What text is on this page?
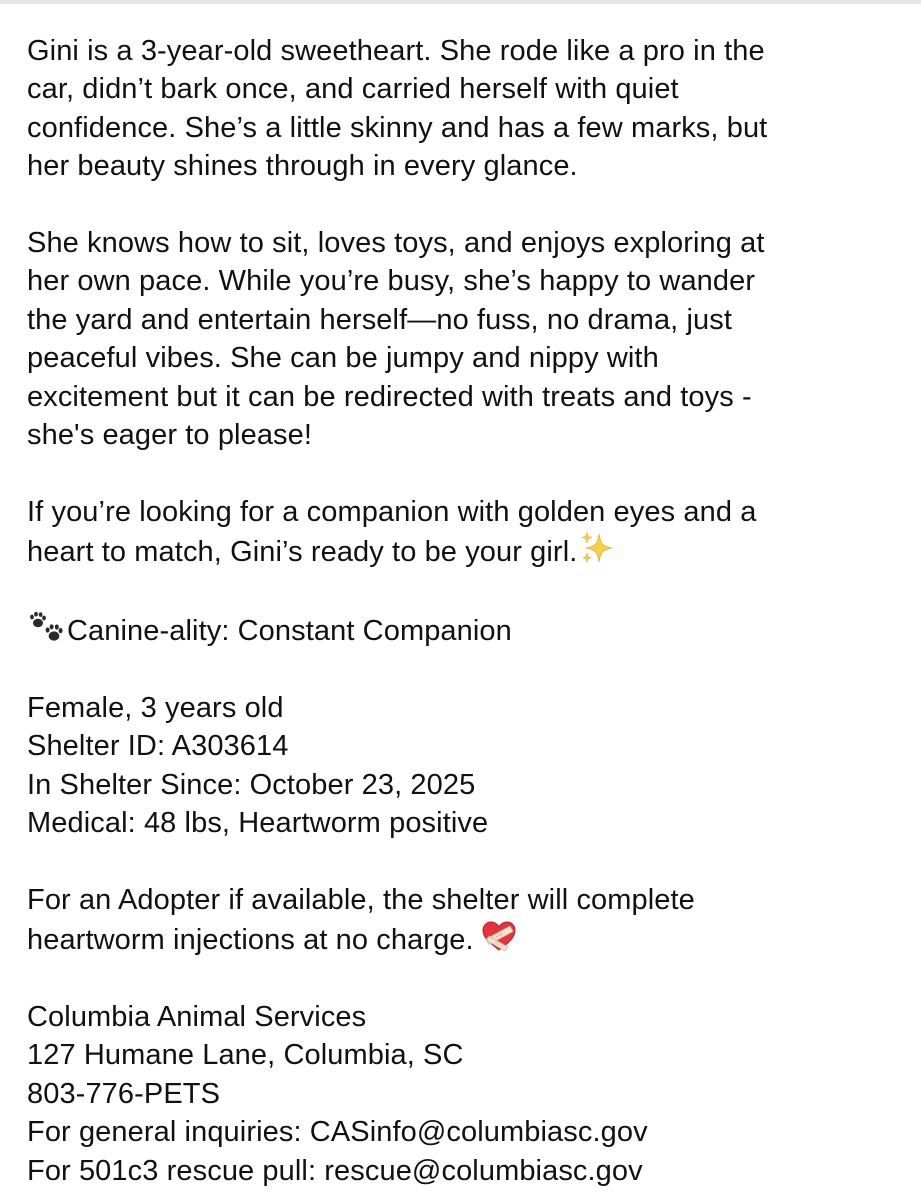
Gini is a 3-year-old sweetheart. She rode like a pro in the
car, didn’t bark once, and carried herself with quiet
confidence. She’s a little skinny and has a few marks, but
her beauty shines through in every glance.

She knows how to sit, loves toys, and enjoys exploring at
her own pace. While you’re busy, she’s happy to wander
the yard and entertain herself—no fuss, no drama, just
peaceful vibes. She can be jumpy and nippy with
excitement but it can be redirected with treats and toys -
she's eager to please!

If you’re looking for a companion with golden eyes and a
heart to match, Gini’s ready to be your girl.

Canine-ality: Constant Companion

Female, 3 years old
Shelter ID: A303614
In Shelter Since: October 23, 2025
Medical: 48 lbs, Heartworm positive

For an Adopter if available, the shelter will complete
heartworm injections at no charge.

Columbia Animal Services
127 Humane Lane, Columbia, SC
803-776-PETS
For general inquiries: CASinfo@columbiasc.gov
For 501c3 rescue pull: rescue@columbiasc.gov
